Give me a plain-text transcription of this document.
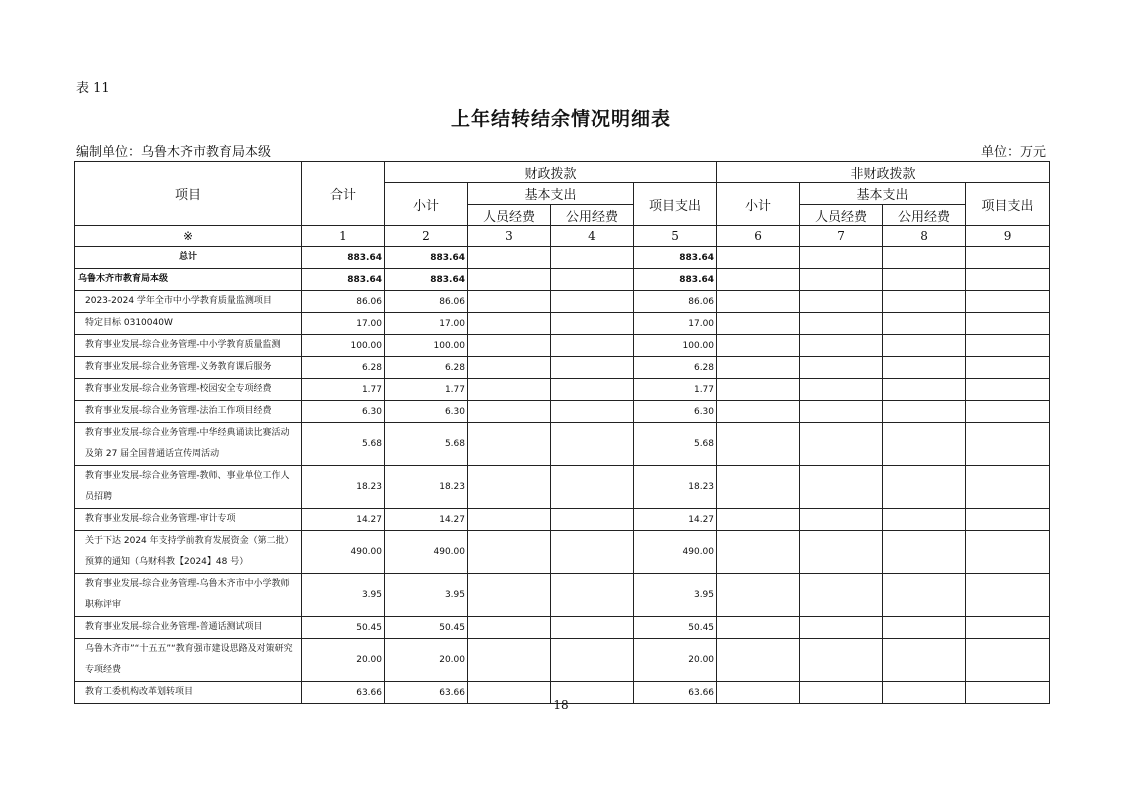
表 11
上年结转结余情况明细表
编制单位：乌鲁木齐市教育局本级	单位：万元
项目	合计	财政拨款				非财政拨款			
		小计	基本支出		项目支出	小计	基本支出		项目支出
			人员经费	公用经费			人员经费	公用经费	
※	1	2	3	4	5	6	7	8	9
总计	883.64	883.64			883.64				
乌鲁木齐市教育局本级	883.64	883.64			883.64				
2023-2024 学年全市中小学教育质量监测项目	86.06	86.06			86.06				
特定目标 0310040W	17.00	17.00			17.00				
教育事业发展-综合业务管理-中小学教育质量监测	100.00	100.00			100.00				
教育事业发展-综合业务管理-义务教育课后服务	6.28	6.28			6.28				
教育事业发展-综合业务管理-校园安全专项经费	1.77	1.77			1.77				
教育事业发展-综合业务管理-法治工作项目经费	6.30	6.30			6.30				
教育事业发展-综合业务管理-中华经典诵读比赛活动及第 27 届全国普通话宣传周活动	5.68	5.68			5.68				
教育事业发展-综合业务管理-教师、事业单位工作人员招聘	18.23	18.23			18.23				
教育事业发展-综合业务管理-审计专项	14.27	14.27			14.27				
关于下达 2024 年支持学前教育发展资金（第二批）预算的通知（乌财科教【2024】48 号）	490.00	490.00			490.00				
教育事业发展-综合业务管理-乌鲁木齐市中小学教师职称评审	3.95	3.95			3.95				
教育事业发展-综合业务管理-普通话测试项目	50.45	50.45			50.45				
乌鲁木齐市”“十五五”“教育强市建设思路及对策研究专项经费	20.00	20.00			20.00				
教育工委机构改革划转项目	63.66	63.66			63.66				
18
